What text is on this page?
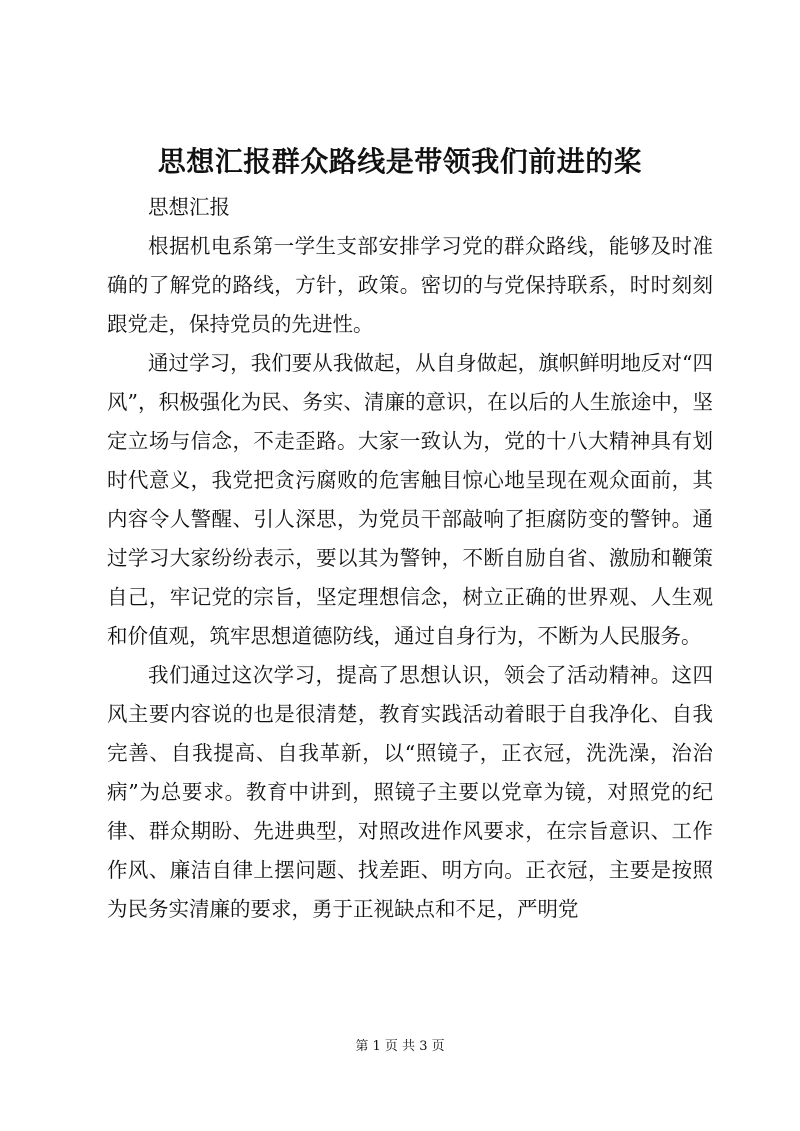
思想汇报群众路线是带领我们前进的桨

思想汇报

根据机电系第一学生支部安排学习党的群众路线，能够及时准确的了解党的路线，方针，政策。密切的与党保持联系，时时刻刻跟党走，保持党员的先进性。

通过学习，我们要从我做起，从自身做起，旗帜鲜明地反对“四风”，积极强化为民、务实、清廉的意识，在以后的人生旅途中，坚定立场与信念，不走歪路。大家一致认为，党的十八大精神具有划时代意义，我党把贪污腐败的危害触目惊心地呈现在观众面前，其内容令人警醒、引人深思，为党员干部敲响了拒腐防变的警钟。通过学习大家纷纷表示，要以其为警钟，不断自励自省、激励和鞭策自己，牢记党的宗旨，坚定理想信念，树立正确的世界观、人生观和价值观，筑牢思想道德防线，通过自身行为，不断为人民服务。

我们通过这次学习，提高了思想认识，领会了活动精神。这四风主要内容说的也是很清楚，教育实践活动着眼于自我净化、自我完善、自我提高、自我革新，以“照镜子，正衣冠，洗洗澡，治治病”为总要求。教育中讲到，照镜子主要以党章为镜，对照党的纪律、群众期盼、先进典型，对照改进作风要求，在宗旨意识、工作作风、廉洁自律上摆问题、找差距、明方向。正衣冠，主要是按照为民务实清廉的要求，勇于正视缺点和不足，严明党

第 1 页 共 3 页
